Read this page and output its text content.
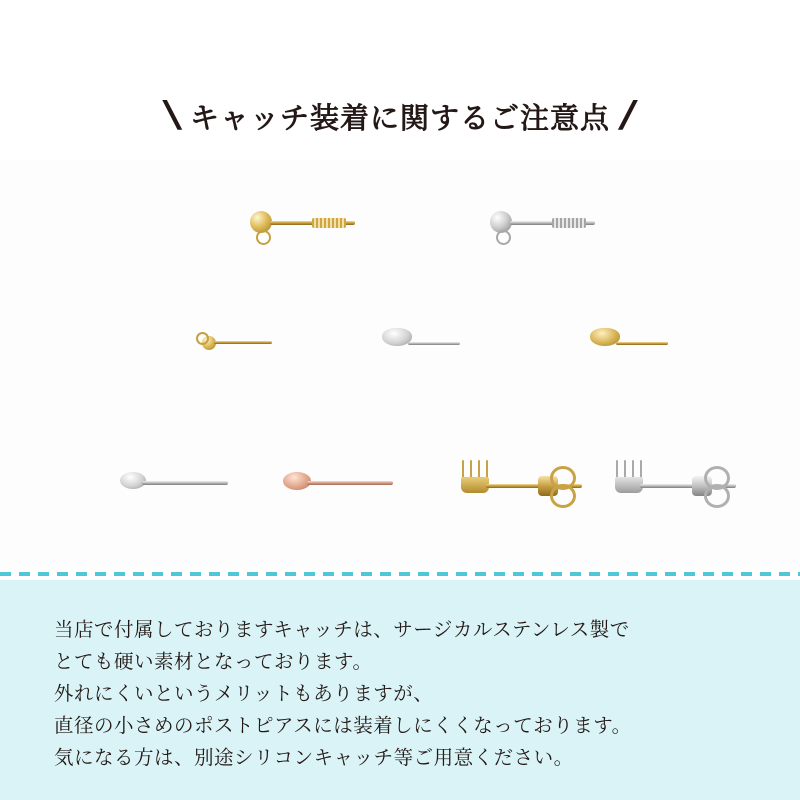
\ キャッチ装着に関するご注意点 /
当店で付属しておりますキャッチは、サージカルステンレス製で
とても硬い素材となっております。
外れにくいというメリットもありますが、
直径の小さめのポストピアスには装着しにくくなっております。
気になる方は、別途シリコンキャッチ等ご用意ください。
